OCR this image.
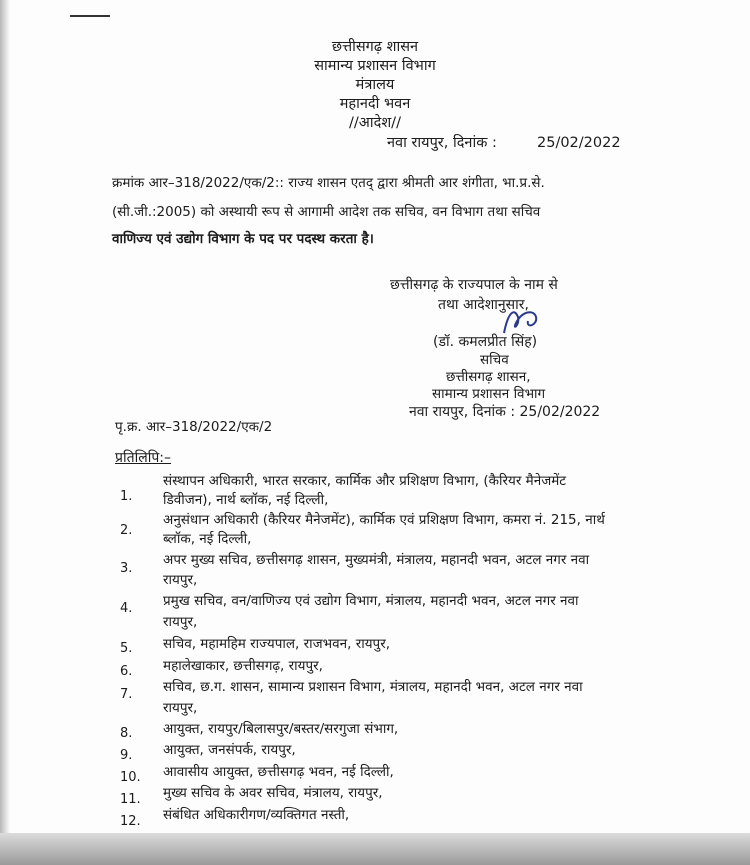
छत्तीसगढ़ शासन
सामान्य प्रशासन विभाग
मंत्रालय
महानदी भवन
//आदेश//
नवा रायपुर, दिनांक :	25/02/2022
क्रमांक आर–318/2022/एक/2:: राज्य शासन एतद् द्वारा श्रीमती आर शंगीता, भा.प्र.से.
(सी.जी.:2005) को अस्थायी रूप से आगामी आदेश तक सचिव, वन विभाग तथा सचिव
वाणिज्य एवं उद्योग विभाग के पद पर पदस्थ करता है।
छत्तीसगढ़ के राज्यपाल के नाम से
तथा आदेशानुसार,
(डॉ. कमलप्रीत सिंह)
सचिव
छत्तीसगढ़ शासन,
सामान्य प्रशासन विभाग
पृ.क्र. आर–318/2022/एक/2
नवा रायपुर, दिनांक : 25/02/2022
प्रतिलिपि:–
1.
संस्थापन अधिकारी, भारत सरकार, कार्मिक और प्रशिक्षण विभाग, (कैरियर मैनेजमेंट
डिवीजन), नार्थ ब्लॉक, नई दिल्ली,
2.
अनुसंधान अधिकारी (कैरियर मैनेजमेंट), कार्मिक एवं प्रशिक्षण विभाग, कमरा नं. 215, नार्थ
ब्लॉक, नई दिल्ली,
3.
अपर मुख्य सचिव, छत्तीसगढ़ शासन, मुख्यमंत्री, मंत्रालय, महानदी भवन, अटल नगर नवा
रायपुर,
4. प्रमुख सचिव, वन/वाणिज्य एवं उद्योग विभाग, मंत्रालय, महानदी भवन, अटल नगर नवा
रायपुर,
5. सचिव, महामहिम राज्यपाल, राजभवन, रायपुर,
6. महालेखाकार, छत्तीसगढ़, रायपुर,
7. सचिव, छ.ग. शासन, सामान्य प्रशासन विभाग, मंत्रालय, महानदी भवन, अटल नगर नवा
रायपुर,
8. आयुक्त, रायपुर/बिलासपुर/बस्तर/सरगुजा संभाग,
9. आयुक्त, जनसंपर्क, रायपुर,
10. आवासीय आयुक्त, छत्तीसगढ़ भवन, नई दिल्ली,
11. मुख्य सचिव के अवर सचिव, मंत्रालय, रायपुर,
12. संबंधित अधिकारीगण/व्यक्तिगत नस्ती,
